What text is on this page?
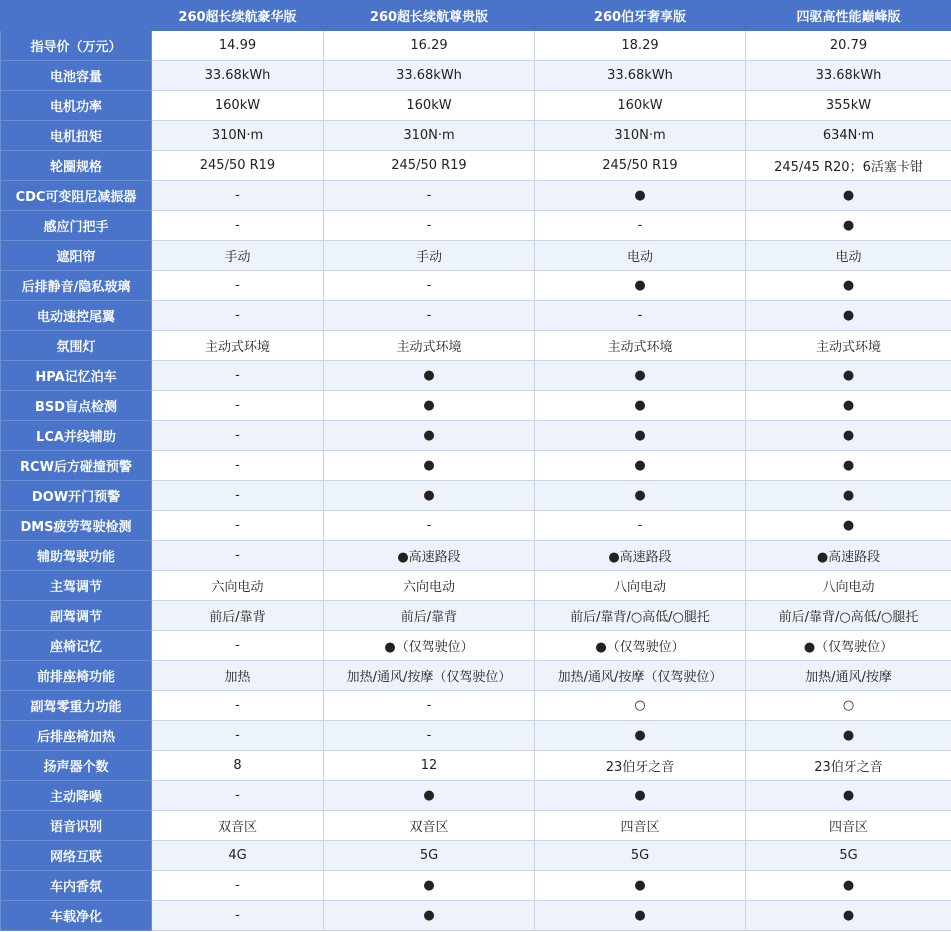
	260超长续航豪华版	260超长续航尊贵版	260伯牙奢享版	四驱高性能巅峰版
指导价（万元）	14.99	16.29	18.29	20.79
电池容量	33.68kWh	33.68kWh	33.68kWh	33.68kWh
电机功率	160kW	160kW	160kW	355kW
电机扭矩	310N·m	310N·m	310N·m	634N·m
轮圈规格	245/50 R19	245/50 R19	245/50 R19	245/45 R20；6活塞卡钳
CDC可变阻尼减振器	-	-	●	●
感应门把手	-	-	-	●
遮阳帘	手动	手动	电动	电动
后排静音/隐私玻璃	-	-	●	●
电动速控尾翼	-	-	-	●
氛围灯	主动式环境	主动式环境	主动式环境	主动式环境
HPA记忆泊车	-	●	●	●
BSD盲点检测	-	●	●	●
LCA并线辅助	-	●	●	●
RCW后方碰撞预警	-	●	●	●
DOW开门预警	-	●	●	●
DMS疲劳驾驶检测	-	-	-	●
辅助驾驶功能	-	●高速路段	●高速路段	●高速路段
主驾调节	六向电动	六向电动	八向电动	八向电动
副驾调节	前后/靠背	前后/靠背	前后/靠背/○高低/○腿托	前后/靠背/○高低/○腿托
座椅记忆	-	●（仅驾驶位）	●（仅驾驶位）	●（仅驾驶位）
前排座椅功能	加热	加热/通风/按摩（仅驾驶位）	加热/通风/按摩（仅驾驶位）	加热/通风/按摩
副驾零重力功能	-	-	○	○
后排座椅加热	-	-	●	●
扬声器个数	8	12	23伯牙之音	23伯牙之音
主动降噪	-	●	●	●
语音识别	双音区	双音区	四音区	四音区
网络互联	4G	5G	5G	5G
车内香氛	-	●	●	●
车载净化	-	●	●	●
